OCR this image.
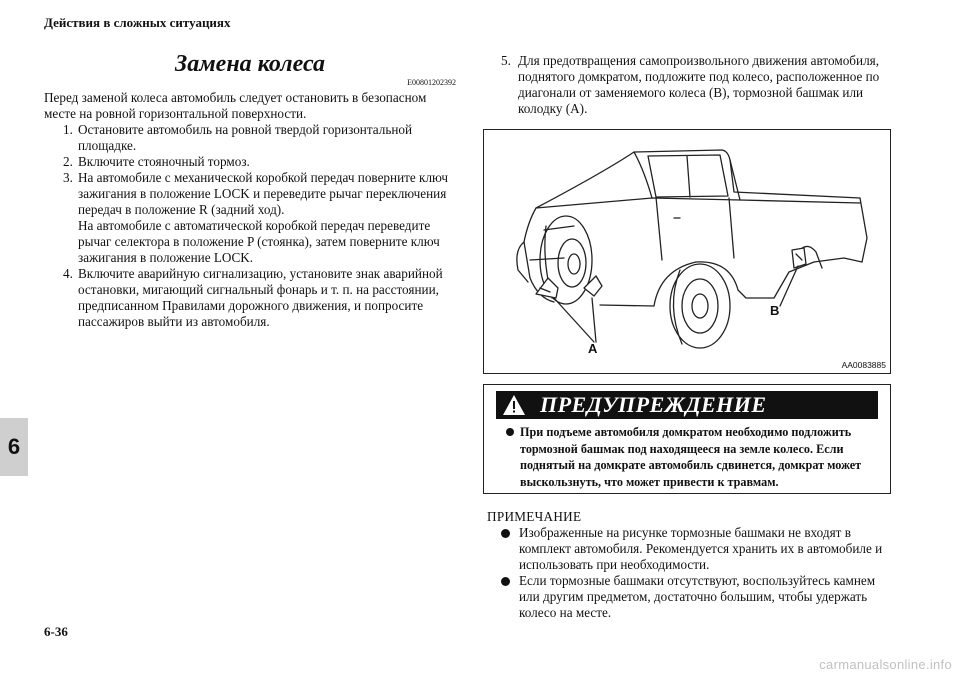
Действия в сложных ситуациях
6
6-36
carmanualsonline.info
Замена колеса
E00801202392

Перед заменой колеса автомобиль следует остановить в безопасном месте на ровной горизонтальной поверхности.

1. Остановите автомобиль на ровной твердой горизонтальной площадке.

2. Включите стояночный тормоз.

3. На автомобиле с механической коробкой передач поверните ключ зажигания в положение LOCK и переведите рычаг переключения передач в положение R (задний ход).

На автомобиле с автоматической коробкой передач переведите рычаг селектора в положение P (стоянка), затем поверните ключ зажигания в положение LOCK.

4. Включите аварийную сигнализацию, установите знак аварийной остановки, мигающий сигнальный фонарь и т. п. на расстоянии, предписанном Правилами дорожного движения, и попросите пассажиров выйти из автомобиля.

5. Для предотвращения самопроизвольного движения автомобиля, поднятого домкратом, подложите под колесо, расположенное по диагонали от заменяемого колеса (B), тормозной башмак или колодку (A).
A
B
AA0083885
ПРЕДУПРЕЖДЕНИЕ
При подъеме автомобиля домкратом необходимо подложить тормозной башмак под находящееся на земле колесо. Если поднятый на домкрате автомобиль сдвинется, домкрат может выскользнуть, что может привести к травмам.

ПРИМЕЧАНИЕ

Изображенные на рисунке тормозные башмаки не входят в комплект автомобиля. Рекомендуется хранить их в автомобиле и использовать при необходимости.
Если тормозные башмаки отсутствуют, воспользуйтесь камнем или другим предметом, достаточно большим, чтобы удержать колесо на месте.
